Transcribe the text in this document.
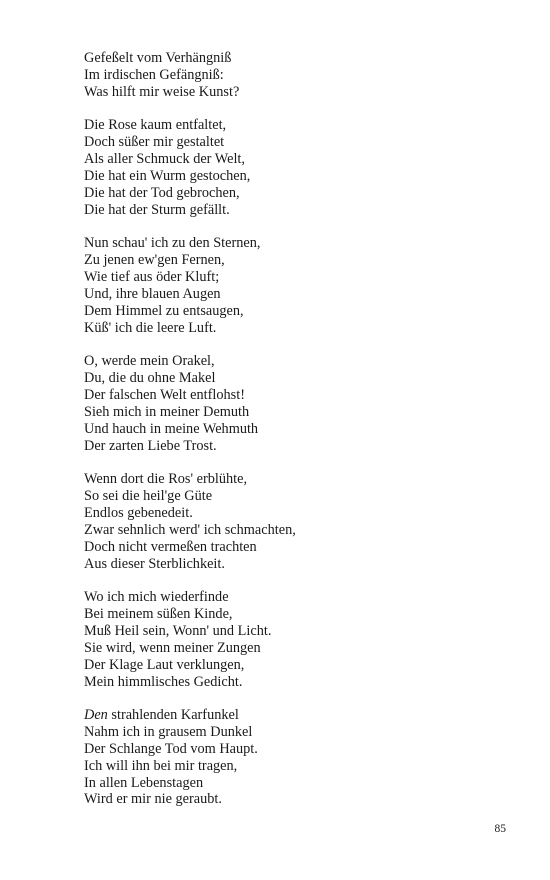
Gefeßelt vom Verhängniß
Im irdischen Gefängniß:
Was hilft mir weise Kunst?
Die Rose kaum entfaltet,
Doch süßer mir gestaltet
Als aller Schmuck der Welt,
Die hat ein Wurm gestochen,
Die hat der Tod gebrochen,
Die hat der Sturm gefällt.
Nun schau' ich zu den Sternen,
Zu jenen ew'gen Fernen,
Wie tief aus öder Kluft;
Und, ihre blauen Augen
Dem Himmel zu entsaugen,
Küß' ich die leere Luft.
O, werde mein Orakel,
Du, die du ohne Makel
Der falschen Welt entflohst!
Sieh mich in meiner Demuth
Und hauch in meine Wehmuth
Der zarten Liebe Trost.
Wenn dort die Ros' erblühte,
So sei die heil'ge Güte
Endlos gebenedeit.
Zwar sehnlich werd' ich schmachten,
Doch nicht vermeßen trachten
Aus dieser Sterblichkeit.
Wo ich mich wiederfinde
Bei meinem süßen Kinde,
Muß Heil sein, Wonn' und Licht.
Sie wird, wenn meiner Zungen
Der Klage Laut verklungen,
Mein himmlisches Gedicht.
Den strahlenden Karfunkel
Nahm ich in grausem Dunkel
Der Schlange Tod vom Haupt.
Ich will ihn bei mir tragen,
In allen Lebenstagen
Wird er mir nie geraubt.
85
